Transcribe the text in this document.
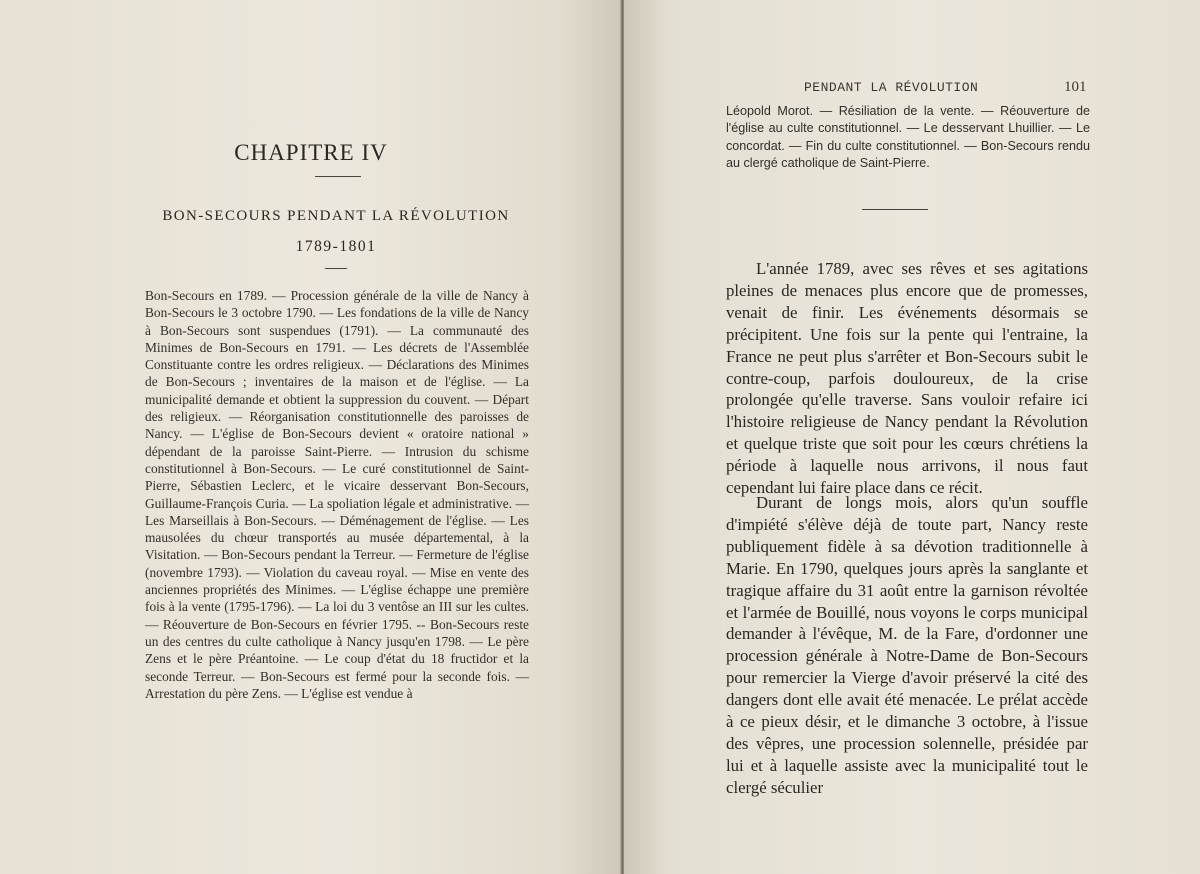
CHAPITRE IV
BON-SECOURS PENDANT LA RÉVOLUTION
1789-1801
Bon-Secours en 1789. — Procession générale de la ville de Nancy à Bon-Secours le 3 octobre 1790. — Les fondations de la ville de Nancy à Bon-Secours sont suspendues (1791). — La communauté des Minimes de Bon-Secours en 1791. — Les décrets de l'Assemblée Constituante contre les ordres religieux. — Déclarations des Minimes de Bon-Secours ; inventaires de la maison et de l'église. — La municipalité demande et obtient la suppression du couvent. — Départ des religieux. — Réorganisation constitutionnelle des paroisses de Nancy. — L'église de Bon-Secours devient « oratoire national » dépendant de la paroisse Saint-Pierre. — Intrusion du schisme constitutionnel à Bon-Secours. — Le curé constitutionnel de Saint-Pierre, Sébastien Leclerc, et le vicaire desservant Bon-Secours, Guillaume-François Curia. — La spoliation légale et administrative. — Les Marseillais à Bon-Secours. — Déménagement de l'église. — Les mausolées du chœur transportés au musée départemental, à la Visitation. — Bon-Secours pendant la Terreur. — Fermeture de l'église (novembre 1793). — Violation du caveau royal. — Mise en vente des anciennes propriétés des Minimes. — L'église échappe une première fois à la vente (1795-1796). — La loi du 3 ventôse an III sur les cultes. — Réouverture de Bon-Secours en février 1795. -- Bon-Secours reste un des centres du culte catholique à Nancy jusqu'en 1798. — Le père Zens et le père Préantoine. — Le coup d'état du 18 fructidor et la seconde Terreur. — Bon-Secours est fermé pour la seconde fois. — Arrestation du père Zens. — L'église est vendue à
PENDANT LA RÉVOLUTION	101
Léopold Morot. — Résiliation de la vente. — Réouverture de l'église au culte constitutionnel. — Le desservant Lhuillier. — Le concordat. — Fin du culte constitutionnel. — Bon-Secours rendu au clergé catholique de Saint-Pierre.

L'année 1789, avec ses rêves et ses agitations pleines de menaces plus encore que de promesses, venait de finir. Les événements désormais se précipitent. Une fois sur la pente qui l'entraine, la France ne peut plus s'arrêter et Bon-Secours subit le contre-coup, parfois douloureux, de la crise prolongée qu'elle traverse. Sans vouloir refaire ici l'histoire religieuse de Nancy pendant la Révolution et quelque triste que soit pour les cœurs chrétiens la période à laquelle nous arrivons, il nous faut cependant lui faire place dans ce récit.

Durant de longs mois, alors qu'un souffle d'impiété s'élève déjà de toute part, Nancy reste publiquement fidèle à sa dévotion traditionnelle à Marie. En 1790, quelques jours après la sanglante et tragique affaire du 31 août entre la garnison révoltée et l'armée de Bouillé, nous voyons le corps municipal demander à l'évêque, M. de la Fare, d'ordonner une procession générale à Notre-Dame de Bon-Secours pour remercier la Vierge d'avoir préservé la cité des dangers dont elle avait été menacée. Le prélat accède à ce pieux désir, et le dimanche 3 octobre, à l'issue des vêpres, une procession solennelle, présidée par lui et à laquelle assiste avec la municipalité tout le clergé séculier
